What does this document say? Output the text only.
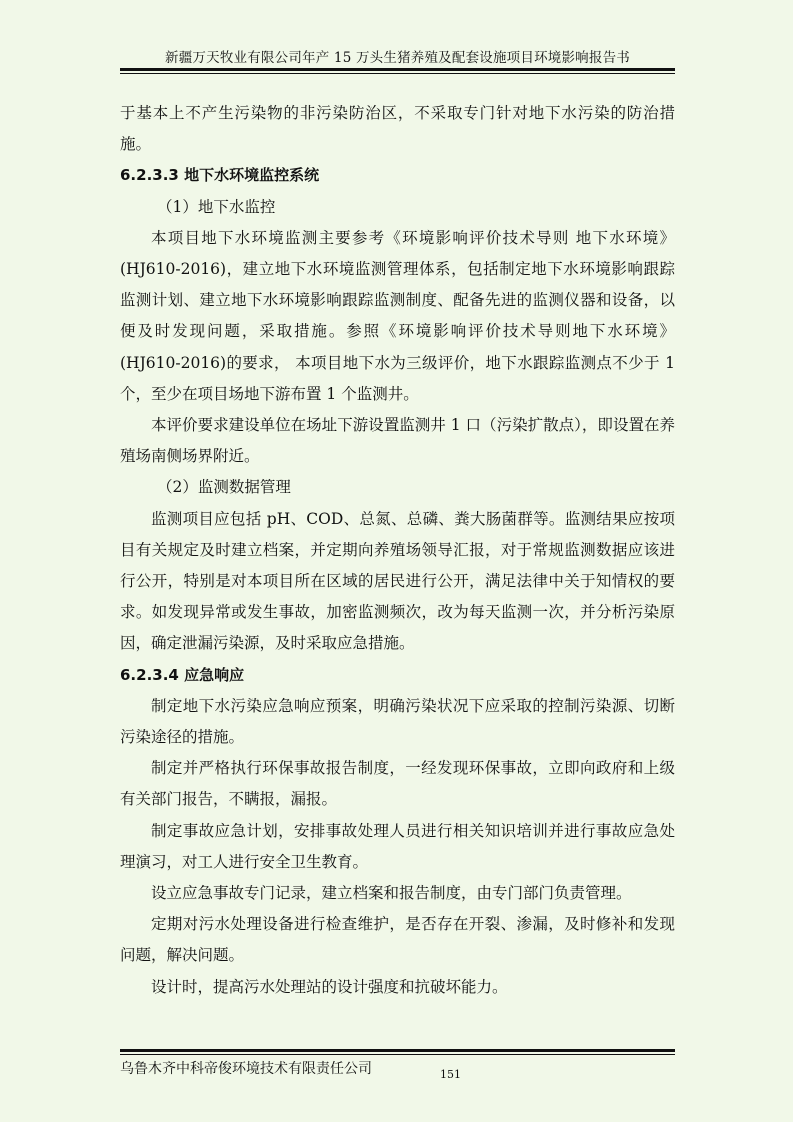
新疆万天牧业有限公司年产 15 万头生猪养殖及配套设施项目环境影响报告书

于基本上不产生污染物的非污染防治区，不采取专门针对地下水污染的防治措施。

6.2.3.3 地下水环境监控系统

（1）地下水监控

本项目地下水环境监测主要参考《环境影响评价技术导则 地下水环境》(HJ610-2016)，建立地下水环境监测管理体系，包括制定地下水环境影响跟踪监测计划、建立地下水环境影响跟踪监测制度、配备先进的监测仪器和设备，以便及时发现问题，采取措施。参照《环境影响评价技术导则地下水环境》(HJ610-2016)的要求， 本项目地下水为三级评价，地下水跟踪监测点不少于 1 个，至少在项目场地下游布置 1 个监测井。

本评价要求建设单位在场址下游设置监测井 1 口（污染扩散点），即设置在养殖场南侧场界附近。

（2）监测数据管理

监测项目应包括 pH、COD、总氮、总磷、粪大肠菌群等。监测结果应按项目有关规定及时建立档案，并定期向养殖场领导汇报，对于常规监测数据应该进行公开，特别是对本项目所在区域的居民进行公开，满足法律中关于知情权的要求。如发现异常或发生事故，加密监测频次，改为每天监测一次，并分析污染原因，确定泄漏污染源，及时采取应急措施。

6.2.3.4 应急响应

制定地下水污染应急响应预案，明确污染状况下应采取的控制污染源、切断污染途径的措施。

制定并严格执行环保事故报告制度，一经发现环保事故，立即向政府和上级有关部门报告，不瞒报，漏报。

制定事故应急计划，安排事故处理人员进行相关知识培训并进行事故应急处理演习，对工人进行安全卫生教育。

设立应急事故专门记录，建立档案和报告制度，由专门部门负责管理。

定期对污水处理设备进行检查维护，是否存在开裂、渗漏，及时修补和发现问题，解决问题。

设计时，提高污水处理站的设计强度和抗破坏能力。

乌鲁木齐中科帝俊环境技术有限责任公司	151
